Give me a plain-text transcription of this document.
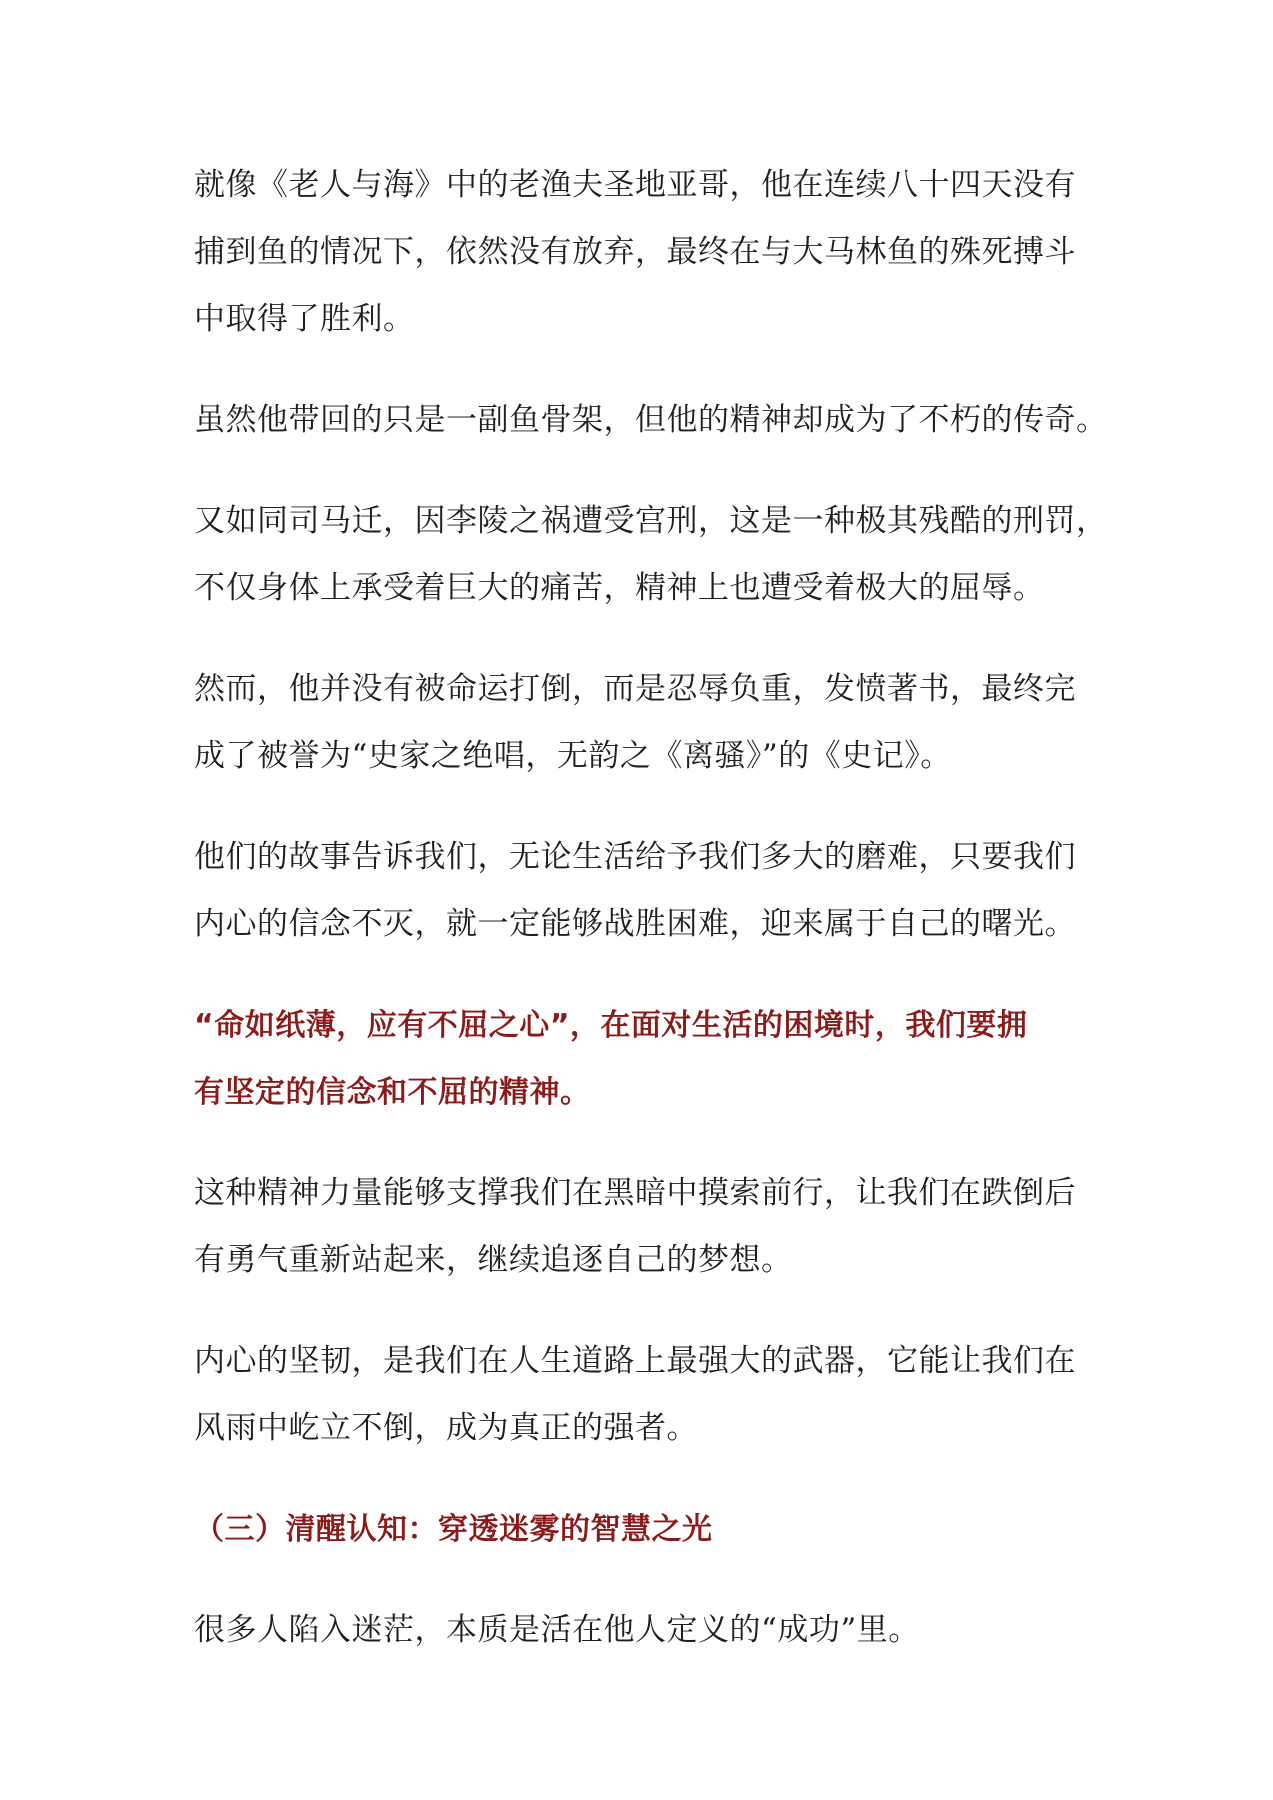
就像《老人与海》中的老渔夫圣地亚哥，他在连续八十四天没有
捕到鱼的情况下，依然没有放弃，最终在与大马林鱼的殊死搏斗
中取得了胜利。

虽然他带回的只是一副鱼骨架，但他的精神却成为了不朽的传奇。

又如同司马迁，因李陵之祸遭受宫刑，这是一种极其残酷的刑罚，
不仅身体上承受着巨大的痛苦，精神上也遭受着极大的屈辱。

然而，他并没有被命运打倒，而是忍辱负重，发愤著书，最终完
成了被誉为“史家之绝唱，无韵之《离骚》”的《史记》。

他们的故事告诉我们，无论生活给予我们多大的磨难，只要我们
内心的信念不灭，就一定能够战胜困难，迎来属于自己的曙光。

“命如纸薄，应有不屈之心”，在面对生活的困境时，我们要拥
有坚定的信念和不屈的精神。

这种精神力量能够支撑我们在黑暗中摸索前行，让我们在跌倒后
有勇气重新站起来，继续追逐自己的梦想。

内心的坚韧，是我们在人生道路上最强大的武器，它能让我们在
风雨中屹立不倒，成为真正的强者。

（三）清醒认知：穿透迷雾的智慧之光

很多人陷入迷茫，本质是活在他人定义的“成功”里。
